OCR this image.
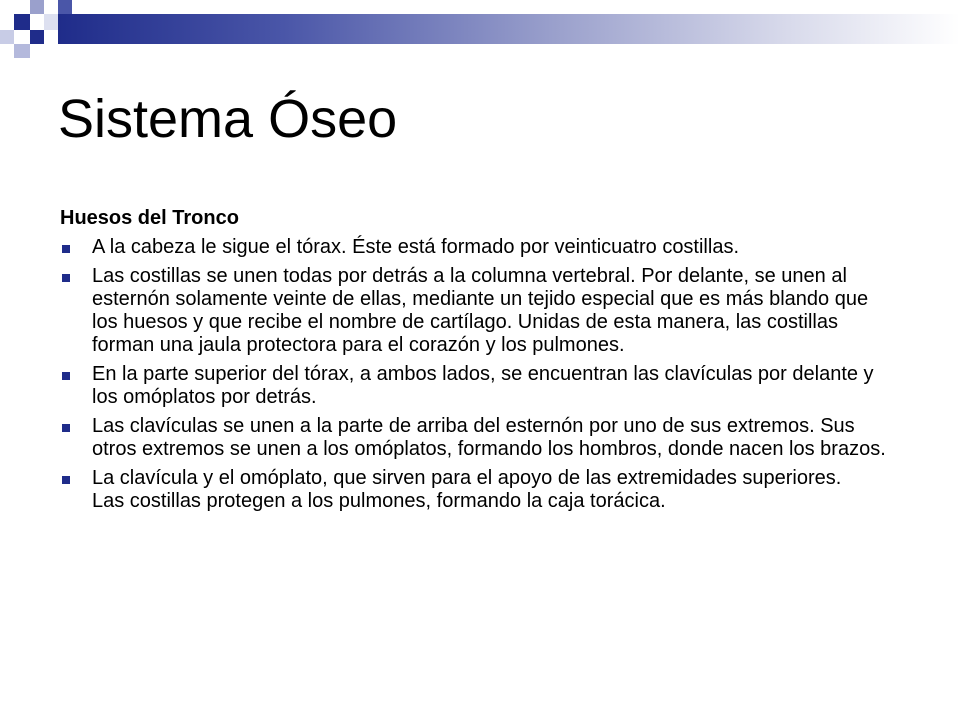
Sistema Óseo
Huesos del Tronco
A la cabeza le sigue el tórax. Éste está formado por veinticuatro costillas.
Las costillas se unen todas por detrás a la columna vertebral. Por delante, se unen al esternón solamente veinte de ellas, mediante un tejido especial que es más blando que los huesos y que recibe el nombre de cartílago. Unidas de esta manera, las costillas forman una jaula protectora para el corazón y los pulmones.
En la parte superior del tórax, a ambos lados, se encuentran las clavículas por delante y los omóplatos por detrás.
Las clavículas se unen a la parte de arriba del esternón por uno de sus extremos. Sus otros extremos se unen a los omóplatos, formando los hombros, donde nacen los brazos.
La clavícula y el omóplato, que sirven para el apoyo de las extremidades superiores.
Las costillas protegen a los pulmones, formando la caja torácica.
